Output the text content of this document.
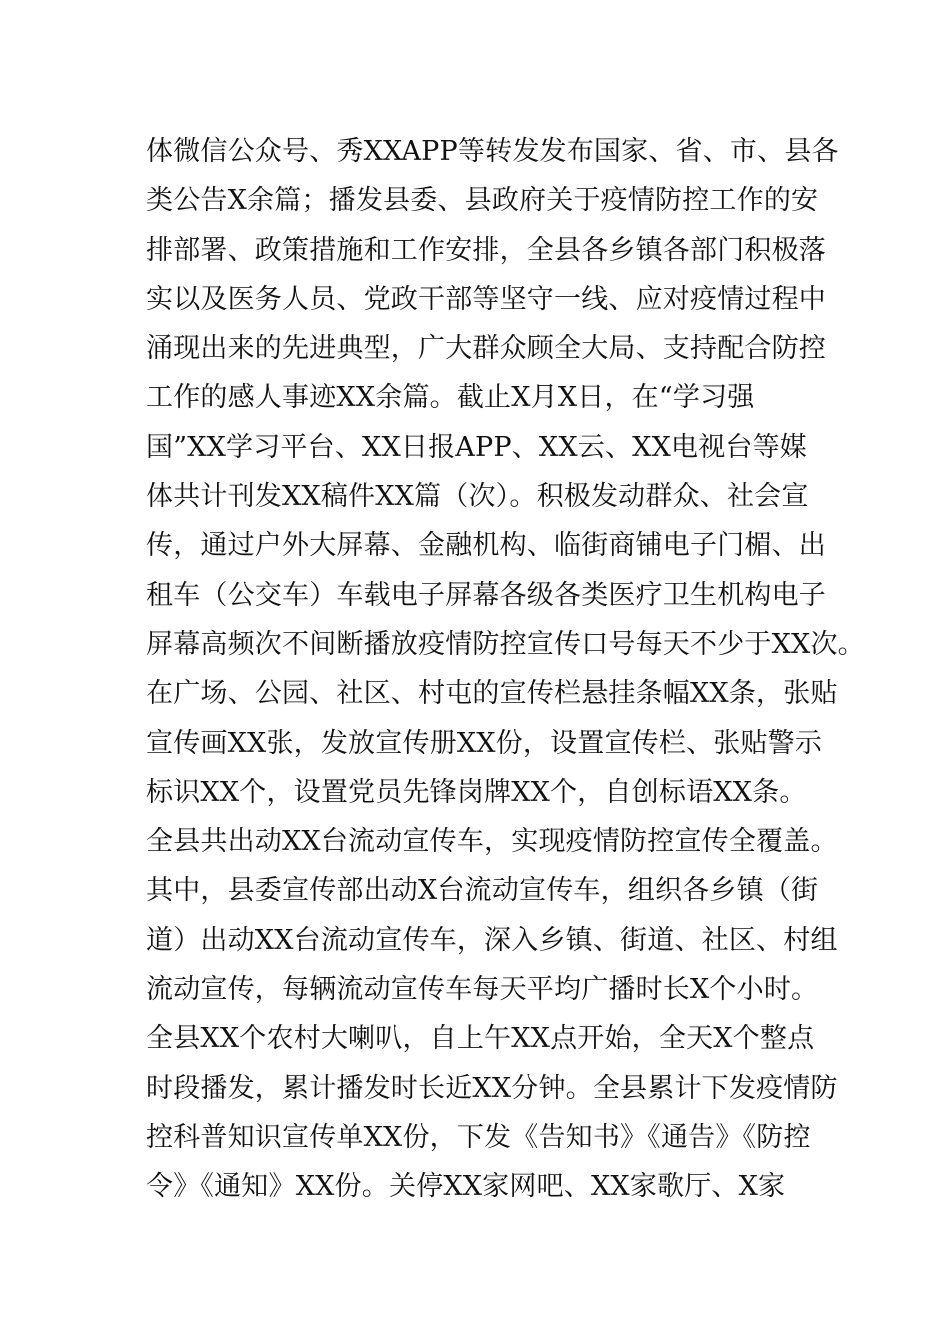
体微信公众号、秀XXAPP等转发发布国家、省、市、县各
类公告X余篇；播发县委、县政府关于疫情防控工作的安
排部署、政策措施和工作安排，全县各乡镇各部门积极落
实以及医务人员、党政干部等坚守一线、应对疫情过程中
涌现出来的先进典型，广大群众顾全大局、支持配合防控
工作的感人事迹XX余篇。截止X月X日，在“学习强
国”XX学习平台、XX日报APP、XX云、XX电视台等媒
体共计刊发XX稿件XX篇（次）。积极发动群众、社会宣
传，通过户外大屏幕、金融机构、临街商铺电子门楣、出
租车（公交车）车载电子屏幕各级各类医疗卫生机构电子
屏幕高频次不间断播放疫情防控宣传口号每天不少于XX次。
在广场、公园、社区、村屯的宣传栏悬挂条幅XX条，张贴
宣传画XX张，发放宣传册XX份，设置宣传栏、张贴警示
标识XX个，设置党员先锋岗牌XX个，自创标语XX条。
全县共出动XX台流动宣传车，实现疫情防控宣传全覆盖。
其中，县委宣传部出动X台流动宣传车，组织各乡镇（街
道）出动XX台流动宣传车，深入乡镇、街道、社区、村组
流动宣传，每辆流动宣传车每天平均广播时长X个小时。
全县XX个农村大喇叭，自上午XX点开始，全天X个整点
时段播发，累计播发时长近XX分钟。全县累计下发疫情防
控科普知识宣传单XX份，下发《告知书》《通告》《防控
令》《通知》XX份。关停XX家网吧、XX家歌厅、X家
